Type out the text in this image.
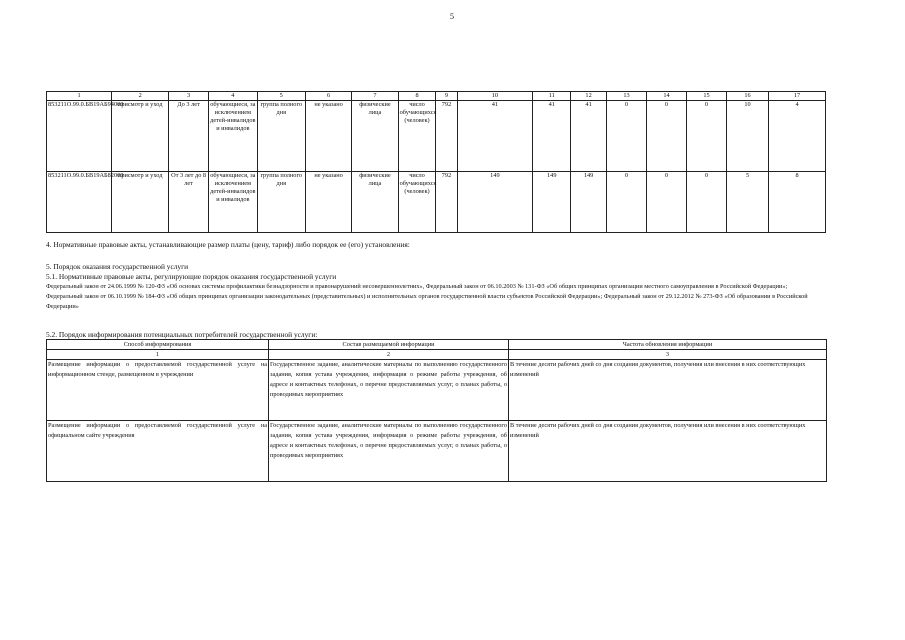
5
1	2	3	4	5	6	7	8	9	10	11	12	13	14	15	16	17
853211О.99.0.БВ19АБ94000	присмотр и уход	До 3 лет	обучающиеся, за исключением детей-инвалидов и инвалидов	группа полного дня	не указано	физические лица	число обучающихся (человек)	792	41	41	41	0	0	0	10	4
853211О.99.0.БВ19АБ82000	присмотр и уход	От 3 лет до 8 лет	обучающиеся, за исключением детей-инвалидов и инвалидов	группа полного дня	не указано	физические лица	число обучающихся (человек)	792	149	149	149	0	0	0	5	8
4. Нормативные правовые акты, устанавливающие размер платы (цену, тариф) либо порядок ее (его) установления:
5. Порядок оказания государственной услуги
5.1. Нормативные правовые акты, регулирующие порядок оказания государственной услуги
Федеральный закон от 24.06.1999 № 120-ФЗ «Об основах системы профилактики безнадзорности и правонарушений несовершеннолетних», Федеральный закон от 06.10.2003 № 131-ФЗ «Об общих принципах организации местного самоуправления в Российской Федерации»; Федеральный закон от 06.10.1999 № 184-ФЗ «Об общих принципах организации законодательных (представительных) и исполнительных органов государственной власти субъектов Российской Федерации»; Федеральный закон от 29.12.2012 № 273-ФЗ «Об образовании в Российской Федерации»
5.2. Порядок информирования потенциальных потребителей государственной услуги:
Способ информирования	Состав размещаемой информации	Частота обновления информации
1	2	3
Размещение информации о предоставляемой государственной услуге на информационном стенде, размещенном в учреждении	Государственное задание, аналитические материалы по выполнению государственного задания, копия устава учреждения, информация о режиме работы учреждения, об адресе и контактных телефонах, о перечне предоставляемых услуг, о планах работы, о проводимых мероприятиях	В течение десяти рабочих дней со дня создания документов, получения или внесения в них соответствующих изменений
Размещение информации о предоставляемой государственной услуге на официальном сайте учреждения	Государственное задание, аналитические материалы по выполнению государственного задания, копия устава учреждения, информация о режиме работы учреждения, об адресе и контактных телефонах, о перечне предоставляемых услуг, о планах работы, о проводимых мероприятиях	В течение десяти рабочих дней со дня создания документов, получения или внесения в них соответствующих изменений
